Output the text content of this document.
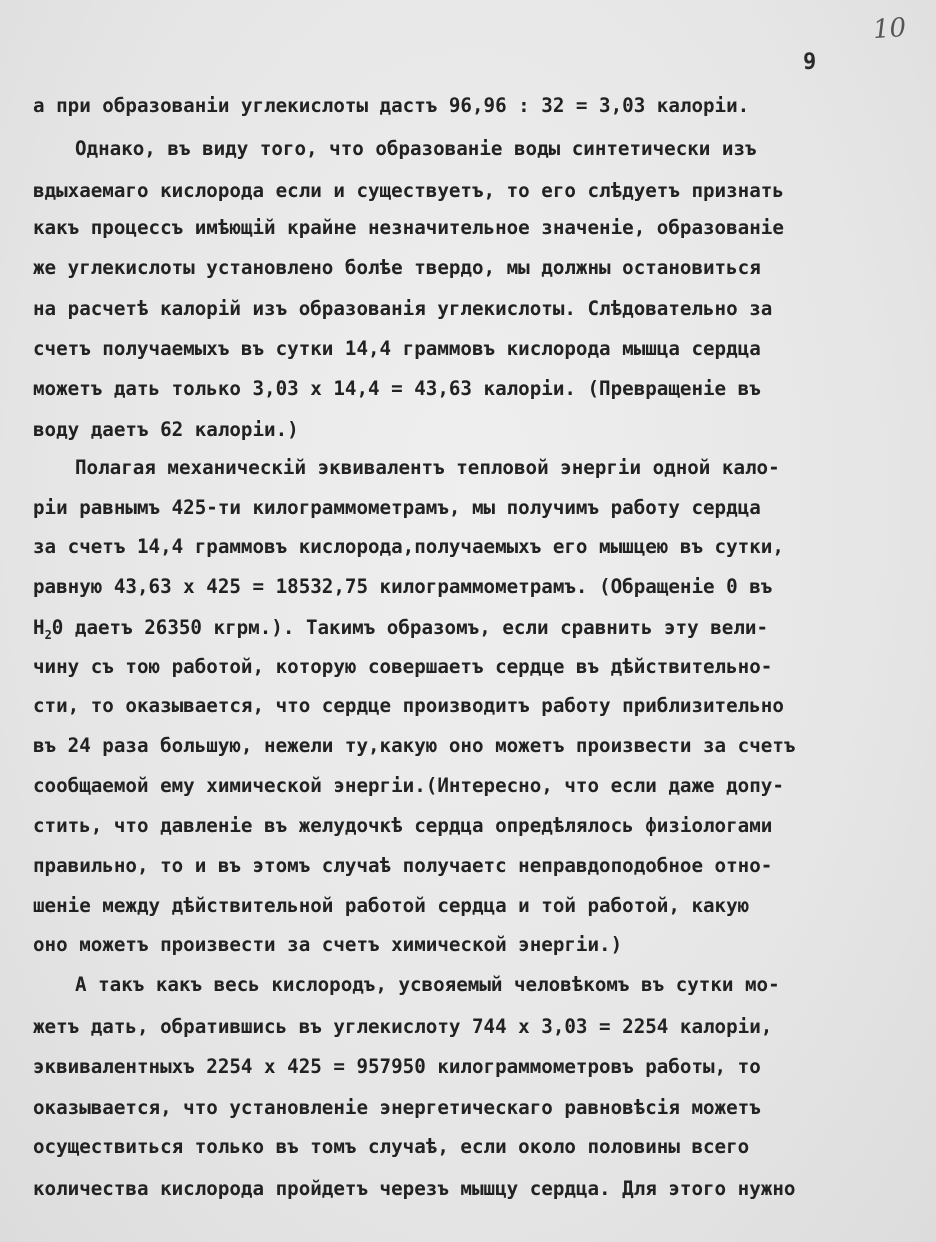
10
9
а при образованіи углекислоты дастъ 96,96 : 32 = 3,03 калоріи.
Однако, въ виду того, что образованіе воды синтетически изъ
вдыхаемаго кислорода если и существуетъ, то его слѣдуетъ признать
какъ процессъ имѣющій крайне незначительное значеніе, образованіе
же углекислоты установлено болѣе твердо, мы должны остановиться
на расчетѣ калорій изъ образованія углекислоты. Слѣдовательно за
счетъ получаемыхъ въ сутки 14,4 граммовъ кислорода мышца сердца
можетъ дать только 3,03 х 14,4 = 43,63 калоріи. (Превращеніе въ
воду даетъ 62 калоріи.)
Полагая механическій эквивалентъ тепловой энергіи одной кало-
ріи равнымъ 425-ти килограммометрамъ, мы получимъ работу сердца
за счетъ 14,4 граммовъ кислорода,получаемыхъ его мышцею въ сутки,
равную 43,63 х 425 = 18532,75 килограммометрамъ. (Обращеніе 0 въ
$H_20$ даетъ 26350 кгрм.). Такимъ образомъ, если сравнить эту вели-
чину съ тою работой, которую совершаетъ сердце въ дѣйствительно-
сти, то оказывается, что сердце производитъ работу приблизительно
въ 24 раза большую, нежели ту,какую оно можетъ произвести за счетъ
сообщаемой ему химической энергіи.(Интересно, что если даже допу-
стить, что давленіе въ желудочкѣ сердца опредѣлялось физіологами
правильно, то и въ этомъ случаѣ получаетс неправдоподобное отно-
шеніе между дѣйствительной работой сердца и той работой, какую
оно можетъ произвести за счетъ химической энергіи.)
А такъ какъ весь кислородъ, усвояемый человѣкомъ въ сутки мо-
жетъ дать, обратившись въ углекислоту 744 х 3,03 = 2254 калоріи,
эквивалентныхъ 2254 х 425 = 957950 килограммометровъ работы, то
оказывается, что установленіе энергетическаго равновѣсія можетъ
осуществиться только въ томъ случаѣ, если около половины всего
количества кислорода пройдетъ черезъ мышцу сердца. Для этого нужно
